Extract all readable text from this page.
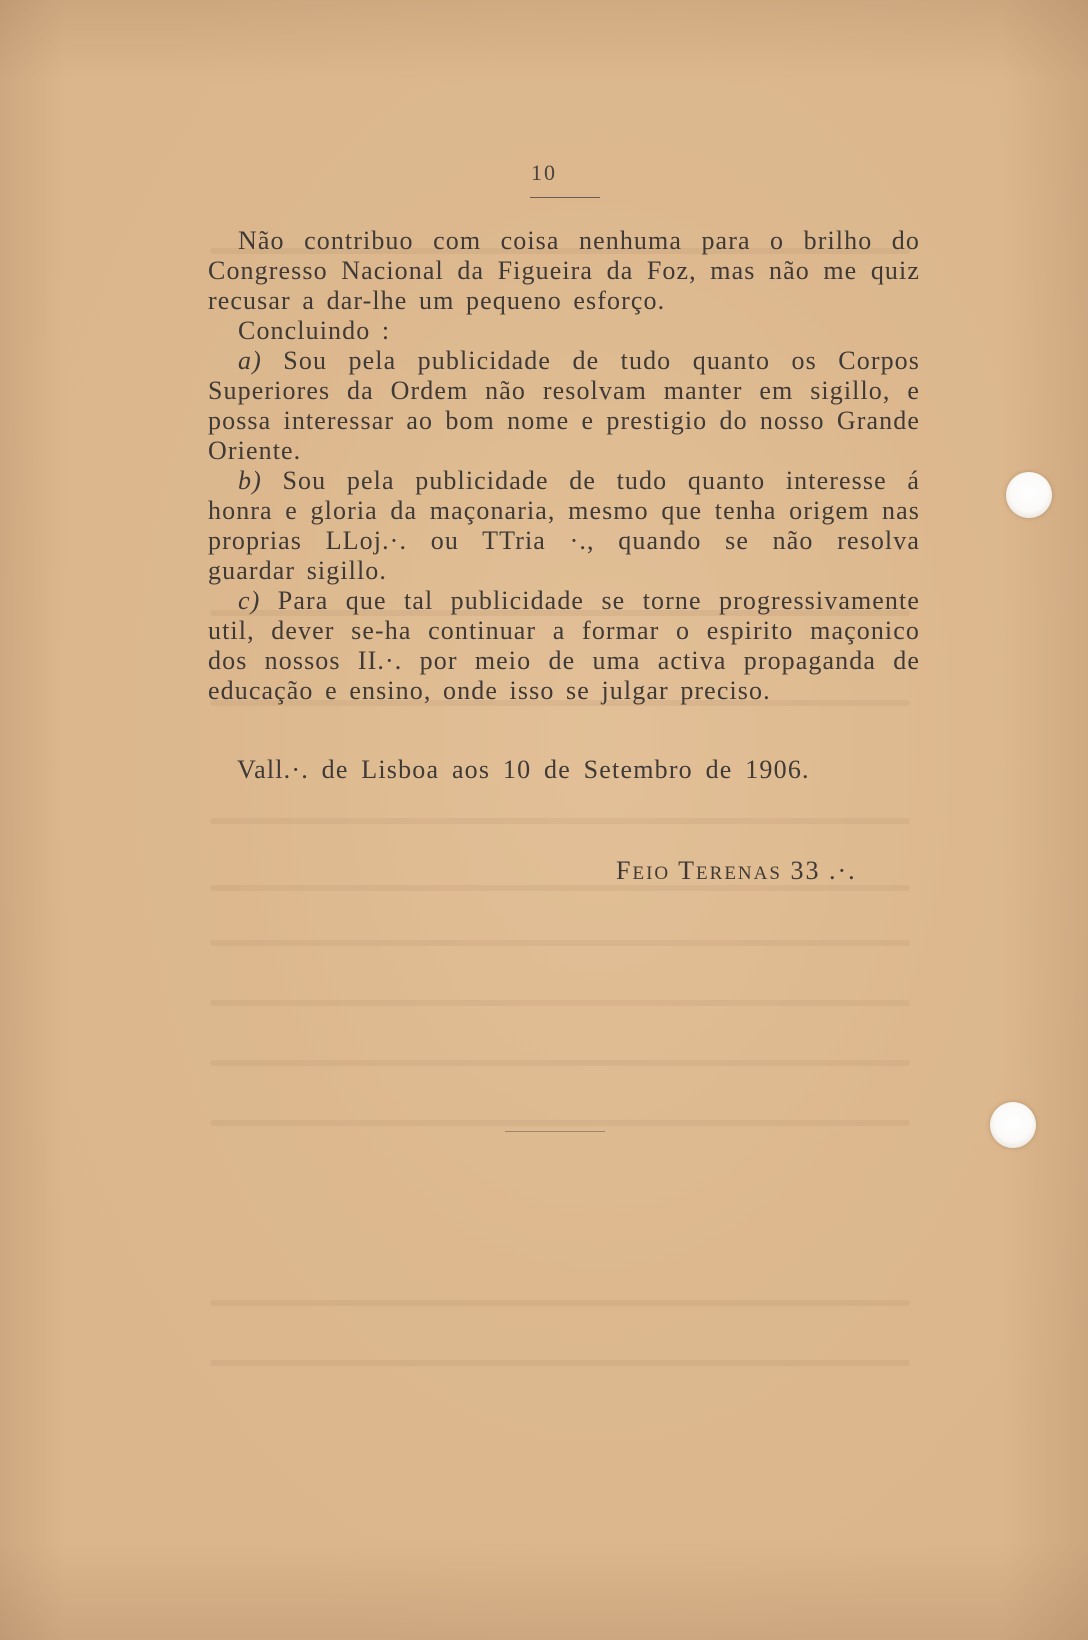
10

Não contribuo com coisa nenhuma para o brilho do Congresso Nacional da Figueira da Foz, mas não me quiz recusar a dar-lhe um pequeno esforço.

Concluindo :

a) Sou pela publicidade de tudo quanto os Corpos Superiores da Ordem não resolvam manter em sigillo, e possa interessar ao bom nome e prestigio do nosso Grande Oriente.

b) Sou pela publicidade de tudo quanto interesse á honra e gloria da maçonaria, mesmo que tenha origem nas proprias LLoj.·. ou TTria ·., quando se não resolva guardar sigillo.

c) Para que tal publicidade se torne progressivamente util, dever se-ha continuar a formar o espirito maçonico dos nossos II.·. por meio de uma activa propaganda de educação e ensino, onde isso se julgar preciso.

Vall.·. de Lisboa aos 10 de Setembro de 1906.
FEIO TERENAS 33 .·.
